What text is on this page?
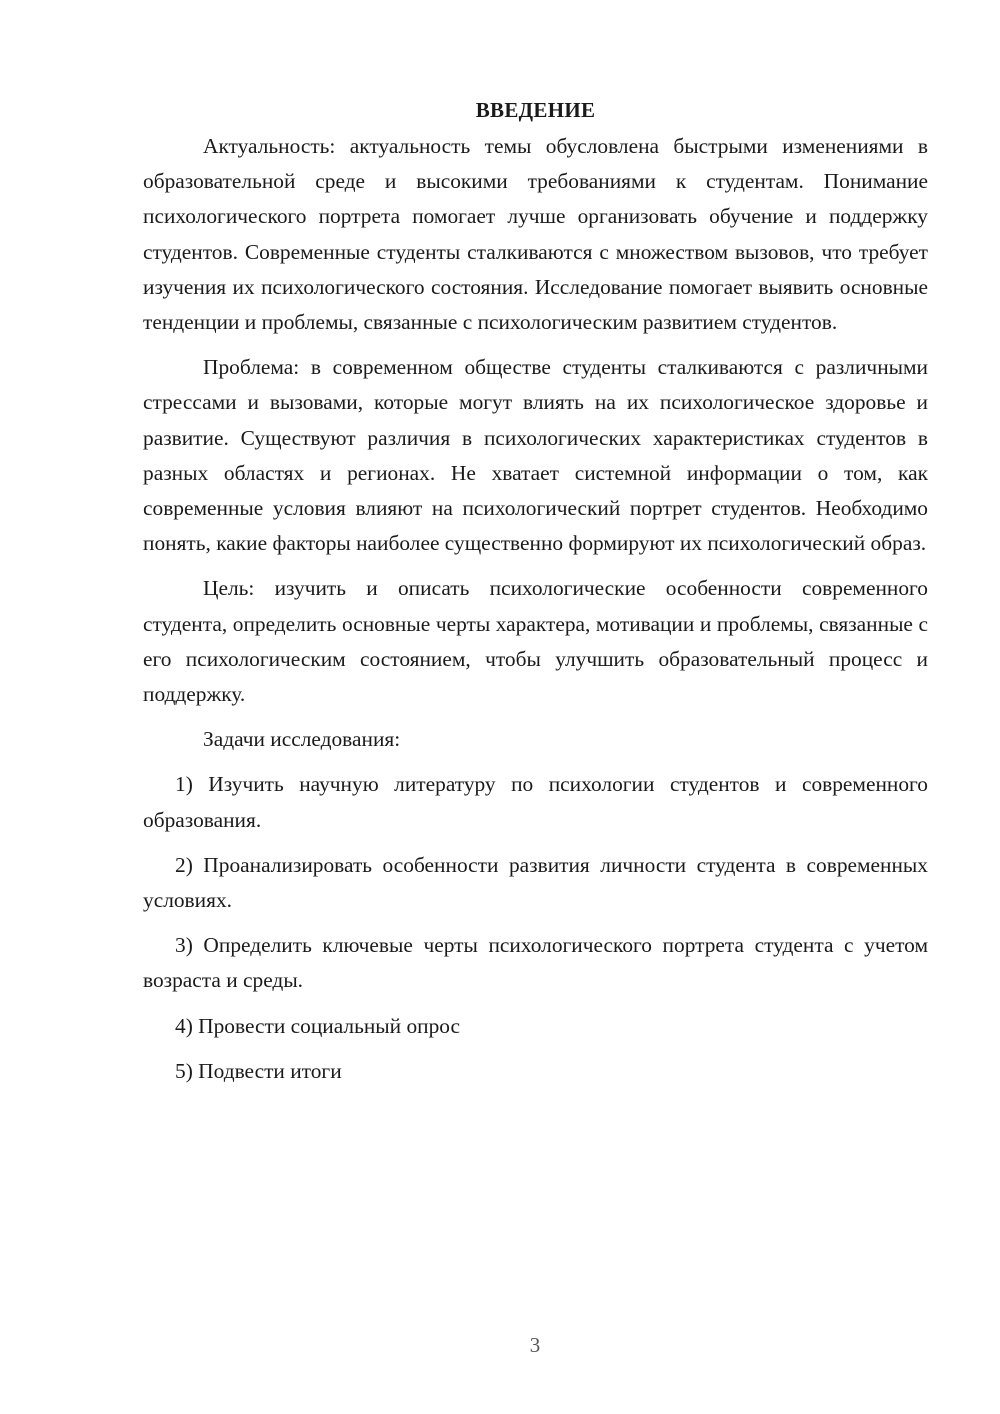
ВВЕДЕНИЕ

Актуальность: актуальность темы обусловлена быстрыми изменениями в образовательной среде и высокими требованиями к студентам. Понимание психологического портрета помогает лучше организовать обучение и поддержку студентов. Современные студенты сталкиваются с множеством вызовов, что требует изучения их психологического состояния. Исследование помогает выявить основные тенденции и проблемы, связанные с психологическим развитием студентов.

Проблема: в современном обществе студенты сталкиваются с различными стрессами и вызовами, которые могут влиять на их психологическое здоровье и развитие. Существуют различия в психологических характеристиках студентов в разных областях и регионах. Не хватает системной информации о том, как современные условия влияют на психологический портрет студентов. Необходимо понять, какие факторы наиболее существенно формируют их психологический образ.

Цель: изучить и описать психологические особенности современного студента, определить основные черты характера, мотивации и проблемы, связанные с его психологическим состоянием, чтобы улучшить образовательный процесс и поддержку.

Задачи исследования:

1) Изучить научную литературу по психологии студентов и современного образования.

2) Проанализировать особенности развития личности студента в современных условиях.

3) Определить ключевые черты психологического портрета студента с учетом возраста и среды.

4) Провести социальный опрос

5) Подвести итоги

3
